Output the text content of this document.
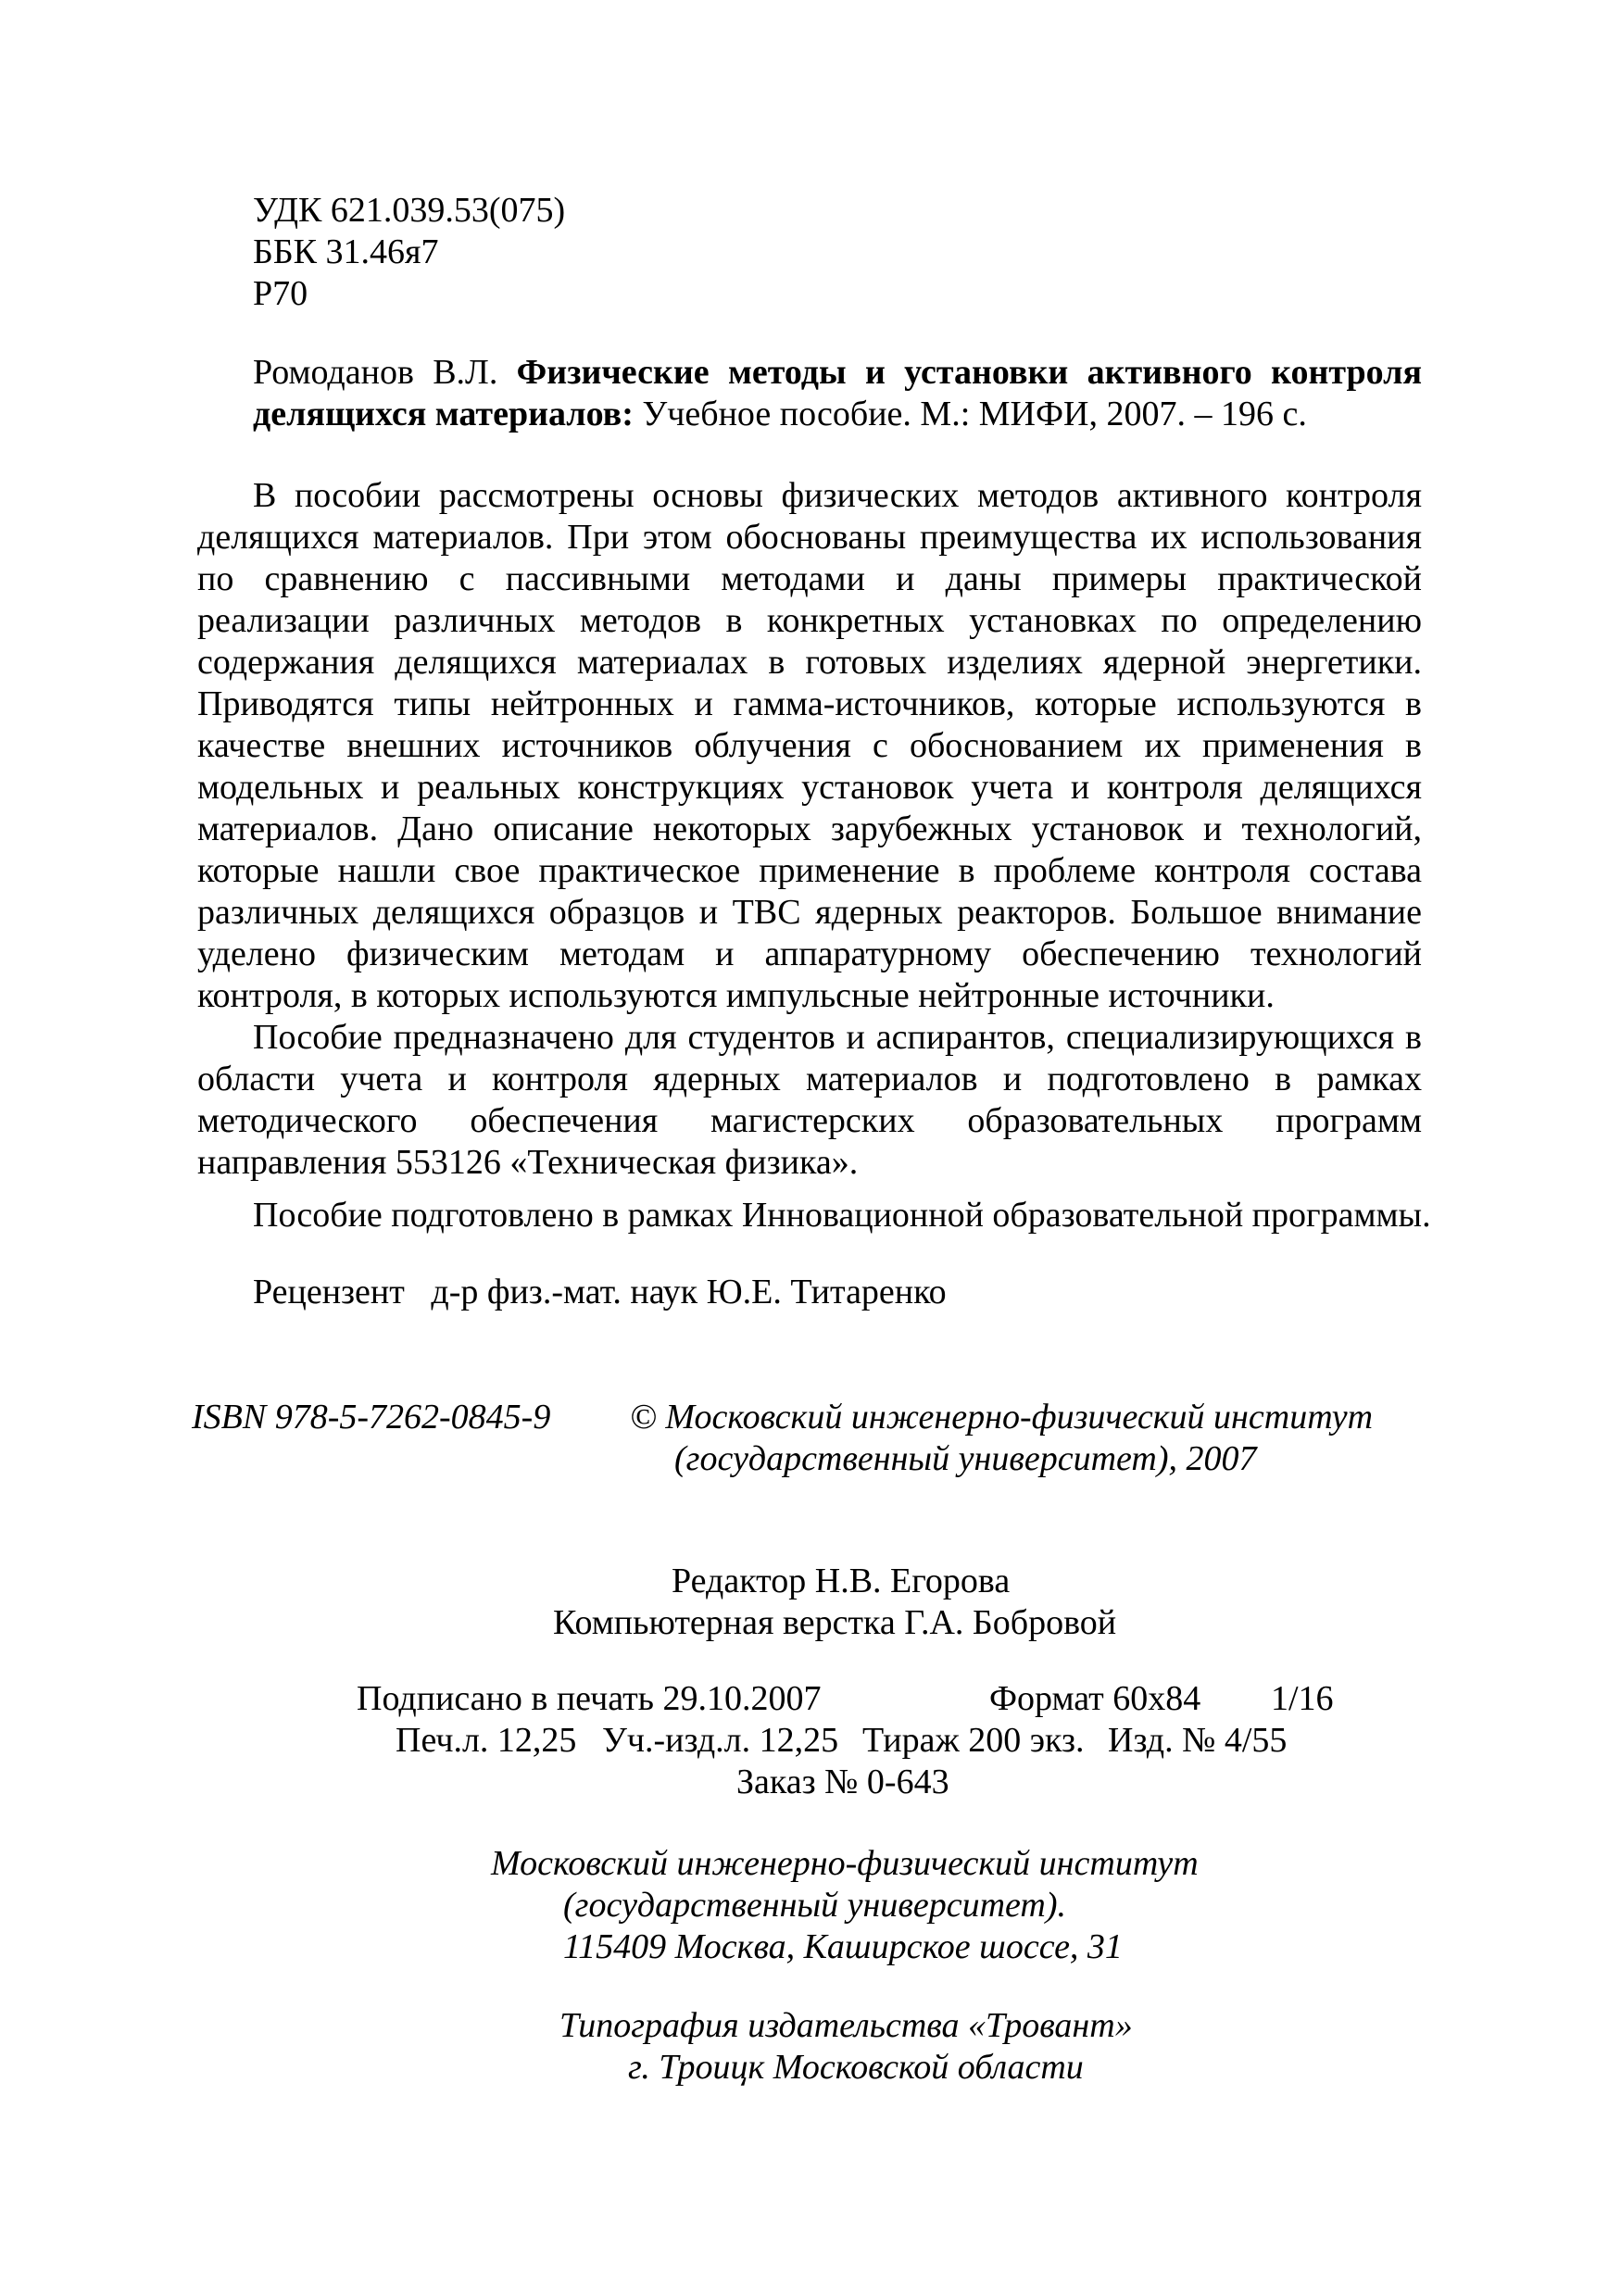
УДК 621.039.53(075)
ББК 31.46я7
Р70
Ромоданов В.Л. Физические методы и установки активного контроля делящихся материалов: Учебное пособие. М.: МИФИ, 2007. – 196 с.

В пособии рассмотрены основы физических методов активного контроля делящихся материалов. При этом обоснованы преимущества их использования по сравнению с пассивными методами и даны примеры практической реализации различных методов в конкретных установках по определению содержания делящихся материалах в готовых изделиях ядерной энергетики. Приводятся типы нейтронных и гамма-источников, которые используются в качестве внешних источников облучения с обоснованием их применения в модельных и реальных конструкциях установок учета и контроля делящихся материалов. Дано описание некоторых зарубежных установок и технологий, которые нашли свое практическое применение в проблеме контроля состава различных делящихся образцов и ТВС ядерных реакторов. Большое внимание уделено физическим методам и аппаратурному обеспечению технологий контроля, в которых используются импульсные нейтронные источники.

Пособие предназначено для студентов и аспирантов, специализирующихся в области учета и контроля ядерных материалов и подготовлено в рамках методического обеспечения магистерских образовательных программ направления 553126 «Техническая физика».

Пособие подготовлено в рамках Инновационной образовательной программы.
Рецензент д-р физ.-мат. наук Ю.Е. Титаренко
ISBN 978-5-7262-0845-9 © Московский инженерно-физический институт
(государственный университет), 2007
Редактор Н.В. Егорова
Компьютерная верстка Г.А. Бобровой
Подписано в печать 29.10.2007	Формат 60x84 1/16
Печ.л. 12,25 Уч.-изд.л. 12,25 Тираж 200 экз. Изд. № 4/55
Заказ № 0-643
Московский инженерно-физический институт
(государственный университет).
115409 Москва, Каширское шоссе, 31
Типография издательства «Тровант»
г. Троицк Московской области
